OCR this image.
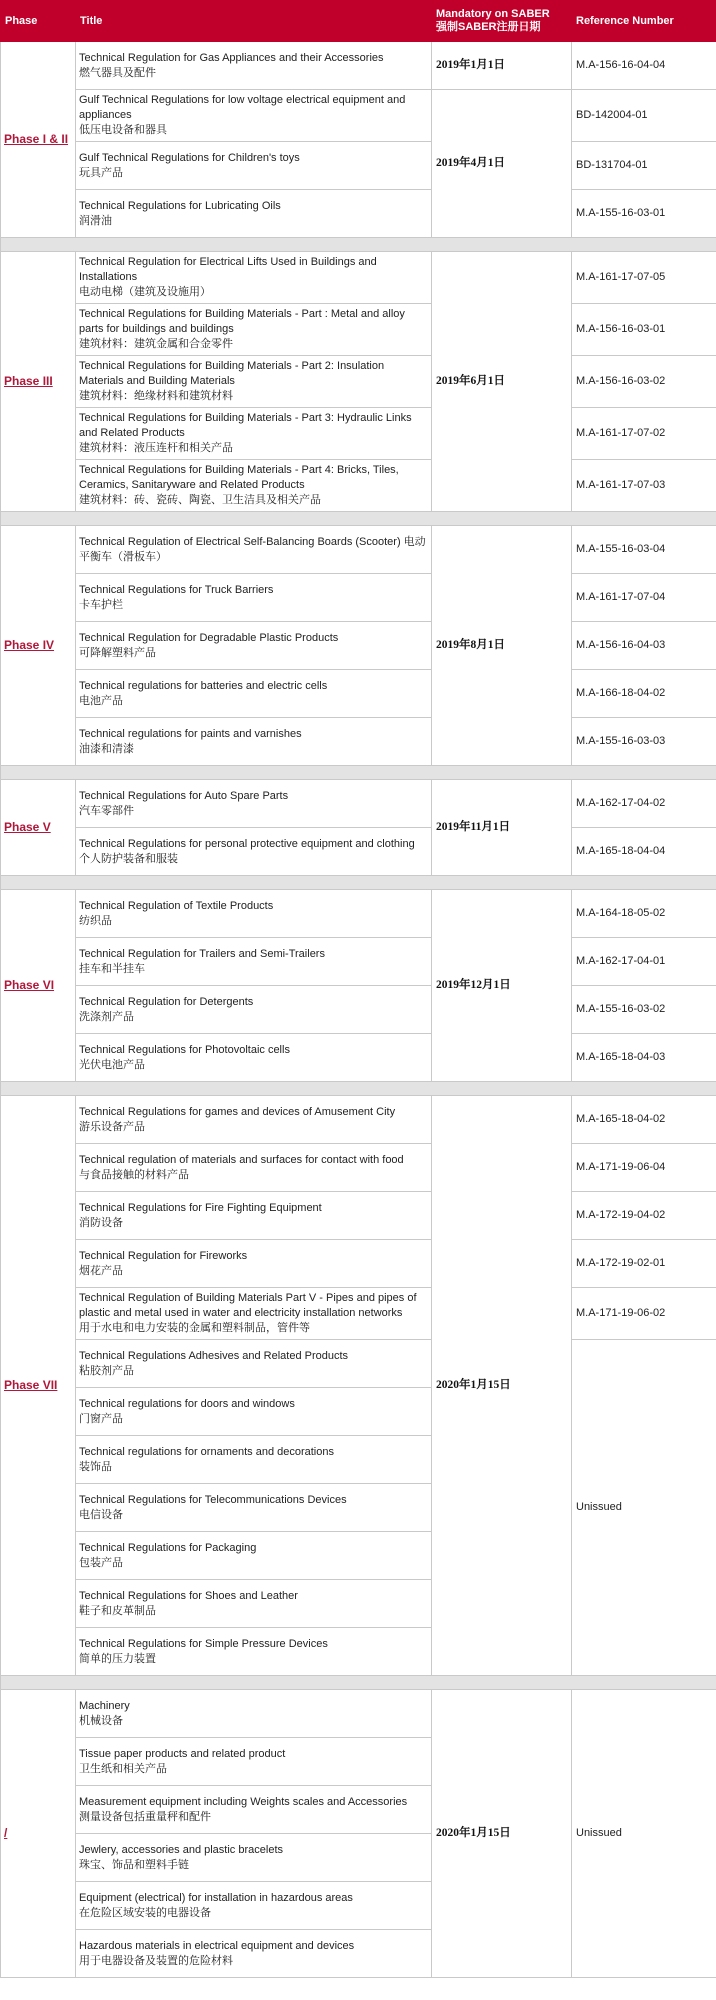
Phase	Title	Mandatory on SABER
强制SABER注册日期	Reference Number
Phase I & II	Technical Regulation for Gas Appliances and their Accessories
燃气器具及配件	2019年1月1日	M.A-156-16-04-04

	Gulf Technical Regulations for low voltage electrical equipment and appliances
低压电设备和器具	2019年4月1日	BD-142004-01

	Gulf Technical Regulations for Children's toys
玩具产品		BD-131704-01

	Technical Regulations for Lubricating Oils
润滑油		M.A-155-16-03-01

Phase III	Technical Regulation for Electrical Lifts Used in Buildings and Installations
电动电梯（建筑及设施用）	2019年6月1日	M.A-161-17-07-05

	Technical Regulations for Building Materials - Part : Metal and alloy parts for buildings and buildings
建筑材料：建筑金属和合金零件		M.A-156-16-03-01

	Technical Regulations for Building Materials - Part 2: Insulation Materials and Building Materials
建筑材料：绝缘材料和建筑材料		M.A-156-16-03-02

	Technical Regulations for Building Materials - Part 3: Hydraulic Links and Related Products
建筑材料：液压连杆和相关产品		M.A-161-17-07-02

	Technical Regulations for Building Materials - Part 4: Bricks, Tiles, Ceramics, Sanitaryware and Related Products
建筑材料：砖、瓷砖、陶瓷、卫生洁具及相关产品		M.A-161-17-07-03

Phase IV	Technical Regulation of Electrical Self-Balancing Boards (Scooter) 电动平衡车（滑板车）	2019年8月1日	M.A-155-16-03-04

	Technical Regulations for Truck Barriers
卡车护栏		M.A-161-17-07-04

	Technical Regulation for Degradable Plastic Products
可降解塑料产品		M.A-156-16-04-03

	Technical regulations for batteries and electric cells
电池产品		M.A-166-18-04-02

	Technical regulations for paints and varnishes
油漆和清漆		M.A-155-16-03-03

Phase V	Technical Regulations for Auto Spare Parts
汽车零部件	2019年11月1日	M.A-162-17-04-02

	Technical Regulations for personal protective equipment and clothing
个人防护装备和服装		M.A-165-18-04-04

Phase VI	Technical Regulation of Textile Products
纺织品	2019年12月1日	M.A-164-18-05-02

	Technical Regulation for Trailers and Semi-Trailers
挂车和半挂车		M.A-162-17-04-01

	Technical Regulation for Detergents
洗涤剂产品		M.A-155-16-03-02

	Technical Regulations for Photovoltaic cells
光伏电池产品		M.A-165-18-04-03

Phase VII	Technical Regulations for games and devices of Amusement City
游乐设备产品	2020年1月15日	M.A-165-18-04-02

	Technical regulation of materials and surfaces for contact with food
与食品接触的材料产品		M.A-171-19-06-04

	Technical Regulations for Fire Fighting Equipment
消防设备		M.A-172-19-04-02

	Technical Regulation for Fireworks
烟花产品		M.A-172-19-02-01

	Technical Regulation of Building Materials Part V - Pipes and pipes of plastic and metal used in water and electricity installation networks
用于水电和电力安装的金属和塑料制品，管件等		M.A-171-19-06-02

	Technical Regulations Adhesives and Related Products
粘胶剂产品		Unissued

	Technical regulations for doors and windows
门窗产品		

	Technical regulations for ornaments and decorations
装饰品		

	Technical Regulations for Telecommunications Devices
电信设备		

	Technical Regulations for Packaging
包装产品		

	Technical Regulations for Shoes and Leather
鞋子和皮革制品		

	Technical Regulations for Simple Pressure Devices
简单的压力装置		

/	Machinery
机械设备	2020年1月15日	Unissued

	Tissue paper products and related product
卫生纸和相关产品		

	Measurement equipment including Weights scales and Accessories
测量设备包括重量秤和配件		

	Jewlery, accessories and plastic bracelets
珠宝、饰品和塑料手链		

	Equipment (electrical) for installation in hazardous areas
在危险区域安装的电器设备		

	Hazardous materials in electrical equipment and devices
用于电器设备及装置的危险材料		
